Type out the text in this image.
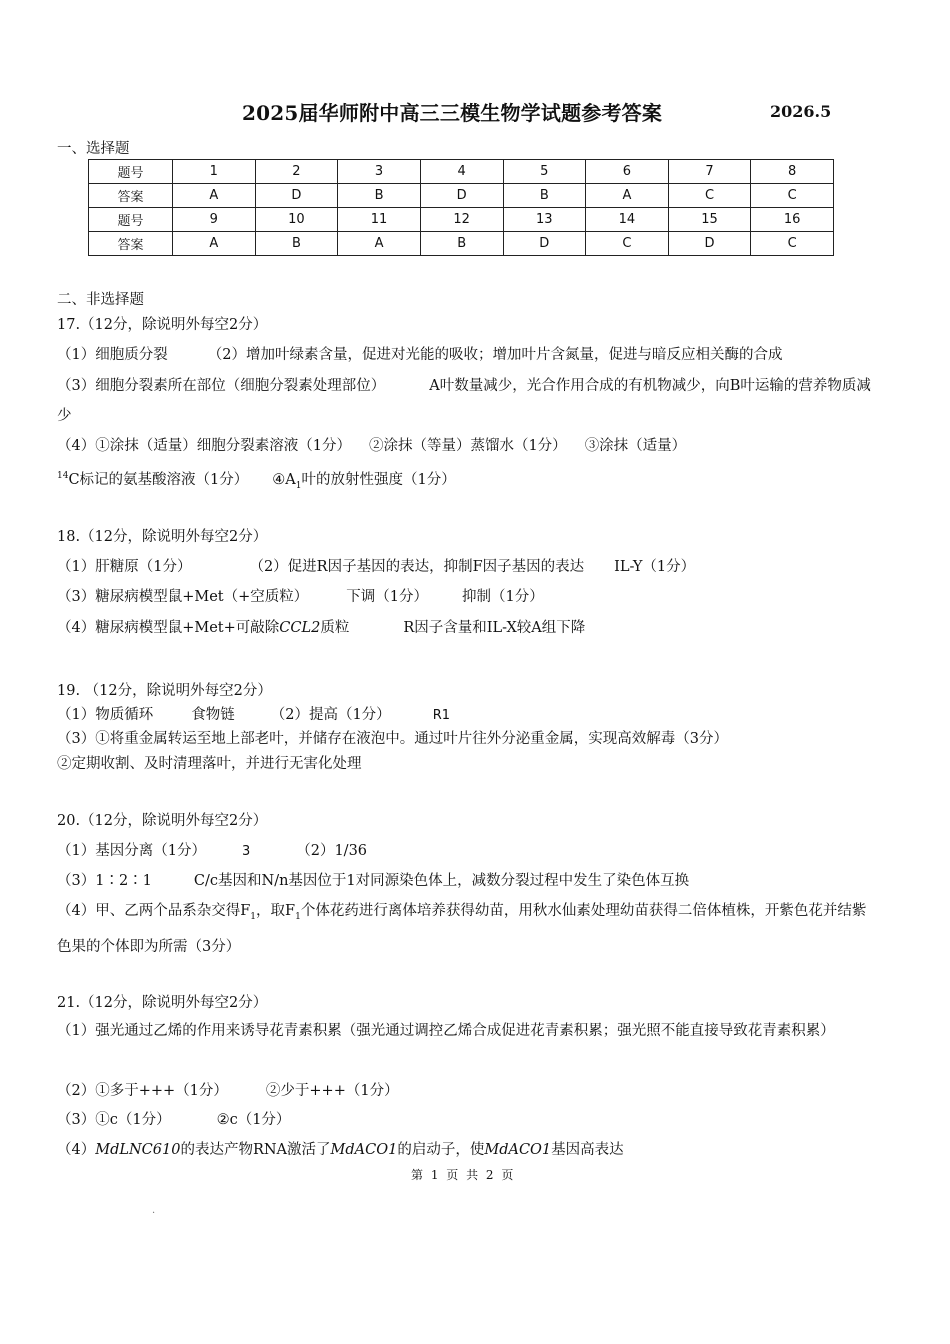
2025届华师附中高三三模生物学试题参考答案	2026.5
一、选择题
题号	1	2	3	4	5	6	7	8
答案	A	D	B	D	B	A	C	C
题号	9	10	11	12	13	14	15	16
答案	A	B	A	B	D	C	D	C
二、非选择题
17.（12分，除说明外每空2分）
（1）细胞质分裂	（2）增加叶绿素含量，促进对光能的吸收；增加叶片含氮量，促进与暗反应相关酶的合成
（3）细胞分裂素所在部位（细胞分裂素处理部位）	A叶数量减少，光合作用合成的有机物减少，向B叶运输的营养物质减少
（4）①涂抹（适量）细胞分裂素溶液（1分） ②涂抹（等量）蒸馏水（1分） ③涂抹（适量）$^{14}$C标记的氨基酸溶液（1分） $④A_1$叶的放射性强度（1分）
18.（12分，除说明外每空2分）
（1）肝糖原（1分）	（2）促进R因子基因的表达，抑制F因子基因的表达 IL-Y（1分）
（3）糖尿病模型鼠+Met（+空质粒）	下调（1分） 抑制（1分）
（4）糖尿病模型鼠+Met+可敲除CCL2质粒	R因子含量和IL-X较A组下降
19. （12分，除说明外每空2分）
（1）物质循环	食物链 （2）提高（1分）	R1
（3）①将重金属转运至地上部老叶，并储存在液泡中。通过叶片往外分泌重金属，实现高效解毒（3分）
②定期收割、及时清理落叶，并进行无害化处理
20.（12分，除说明外每空2分）
（1）基因分离（1分）	3	（2）1/36
（3）1∶2∶1	C/c基因和N/n基因位于1对同源染色体上，减数分裂过程中发生了染色体互换
（4）甲、乙两个品系杂交得$F_1$，取$F_1$个体花药进行离体培养获得幼苗，用秋水仙素处理幼苗获得二倍体植株，开紫色花并结紫色果的个体即为所需（3分）
21.（12分，除说明外每空2分）
（1）强光通过乙烯的作用来诱导花青素积累（强光通过调控乙烯合成促进花青素积累；强光照不能直接导致花青素积累）
（2）①多于+++（1分）	②少于+++（1分）
（3）①c（1分）	②c（1分）
（4）MdLNC610的表达产物RNA激活了MdACO1的启动子，使MdACO1基因高表达
第 1 页 共 2 页
·
